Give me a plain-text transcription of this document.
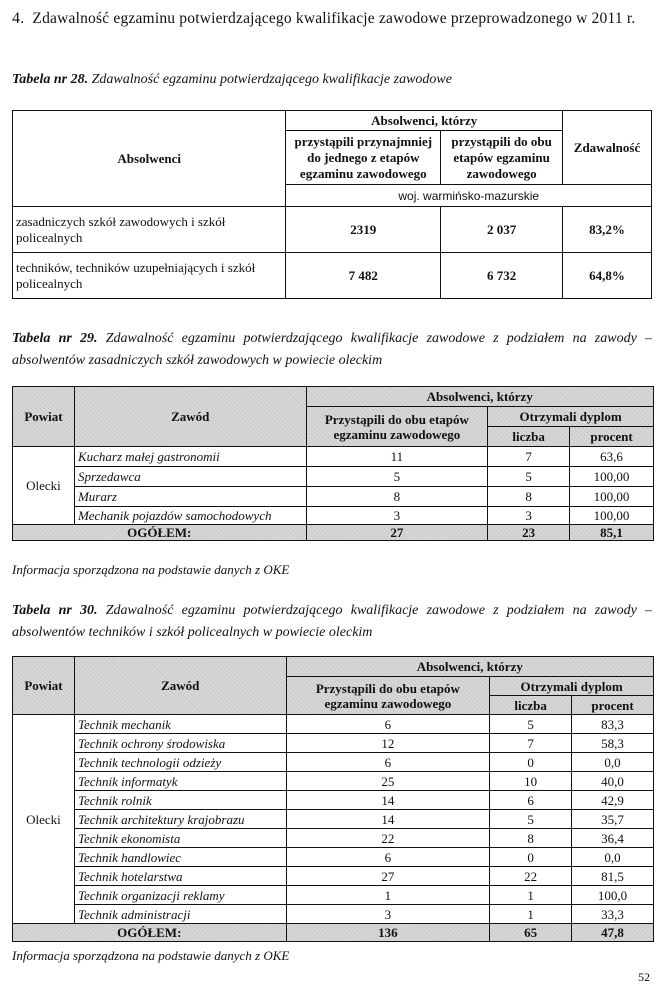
4. Zdawalność egzaminu potwierdzającego kwalifikacje zawodowe przeprowadzonego w 2011 r.
Tabela nr 28. Zdawalność egzaminu potwierdzającego kwalifikacje zawodowe
Absolwenci	Absolwenci, którzy		Zdawalność
	przystąpili przynajmniej do jednego z etapów egzaminu zawodowego	przystąpili do obu etapów egzaminu zawodowego	
	woj. warmińsko-mazurskie		
zasadniczych szkół zawodowych i szkół policealnych	2319	2 037	83,2%
techników, techników uzupełniających i szkół policealnych	7 482	6 732	64,8%
Tabela nr 29. Zdawalność egzaminu potwierdzającego kwalifikacje zawodowe z podziałem na zawody – absolwentów zasadniczych szkół zawodowych w powiecie oleckim
Powiat	Zawód	Absolwenci, którzy		
		Przystąpili do obu etapów egzaminu zawodowego	Otrzymali dyplom	
			liczba	procent
Olecki	Kucharz małej gastronomii	11	7	63,6
	Sprzedawca	5	5	100,00
	Murarz	8	8	100,00
	Mechanik pojazdów samochodowych	3	3	100,00
OGÓŁEM:		27	23	85,1
Informacja sporządzona na podstawie danych z OKE
Tabela nr 30. Zdawalność egzaminu potwierdzającego kwalifikacje zawodowe z podziałem na zawody – absolwentów techników i szkół policealnych w powiecie oleckim
Powiat	Zawód	Absolwenci, którzy		
		Przystąpili do obu etapów egzaminu zawodowego	Otrzymali dyplom	
			liczba	procent
Olecki	Technik mechanik	6	5	83,3
	Technik ochrony środowiska	12	7	58,3
	Technik technologii odzieży	6	0	0,0
	Technik informatyk	25	10	40,0
	Technik rolnik	14	6	42,9
	Technik architektury krajobrazu	14	5	35,7
	Technik ekonomista	22	8	36,4
	Technik handlowiec	6	0	0,0
	Technik hotelarstwa	27	22	81,5
	Technik organizacji reklamy	1	1	100,0
	Technik administracji	3	1	33,3
OGÓŁEM:		136	65	47,8
Informacja sporządzona na podstawie danych z OKE
52
